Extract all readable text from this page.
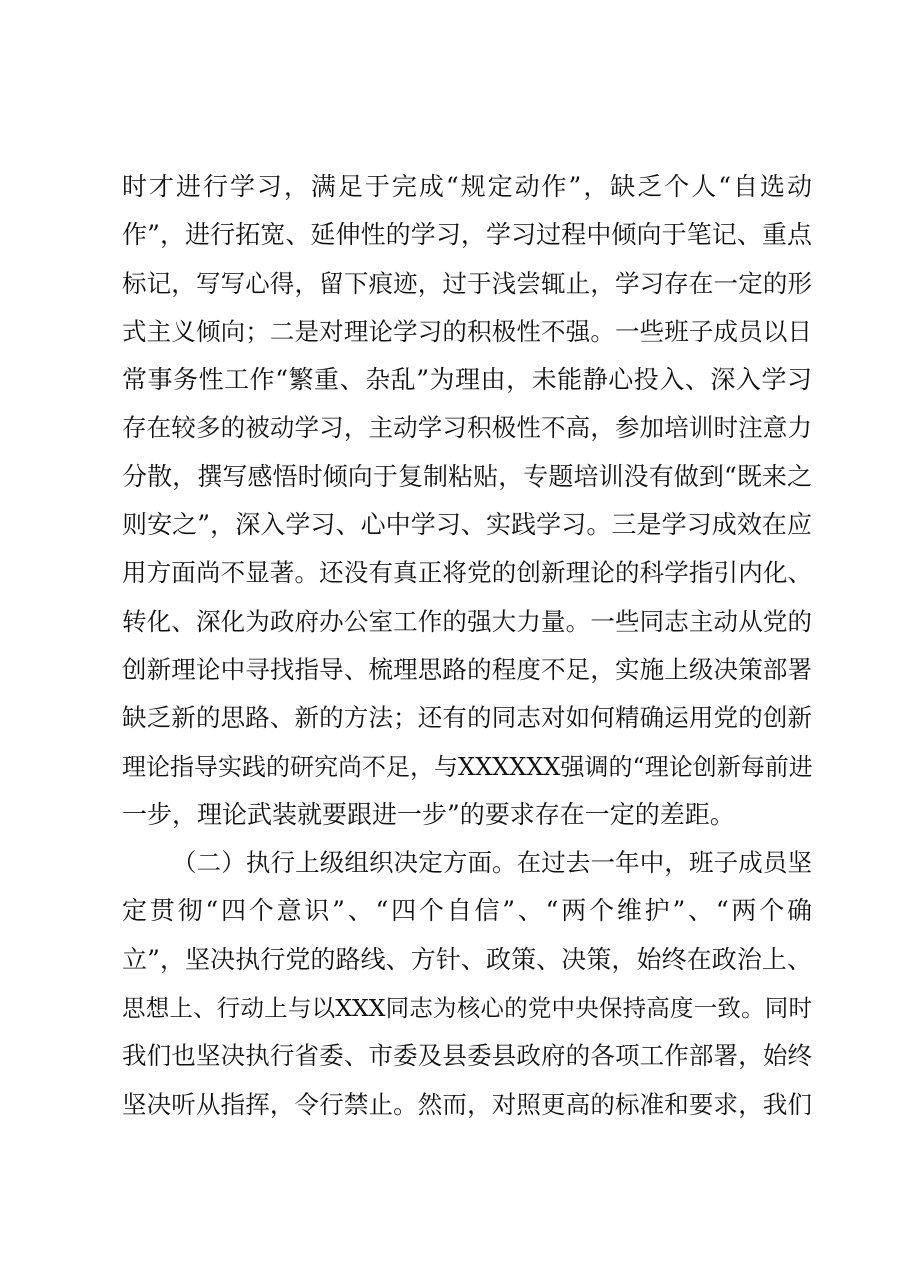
时才进行学习，满足于完成“规定动作”，缺乏个人“自选动
作”，进行拓宽、延伸性的学习，学习过程中倾向于笔记、重点
标记，写写心得，留下痕迹，过于浅尝辄止，学习存在一定的形
式主义倾向；二是对理论学习的积极性不强。一些班子成员以日
常事务性工作“繁重、杂乱”为理由，未能静心投入、深入学习
存在较多的被动学习，主动学习积极性不高，参加培训时注意力
分散，撰写感悟时倾向于复制粘贴，专题培训没有做到“既来之
则安之”，深入学习、心中学习、实践学习。三是学习成效在应
用方面尚不显著。还没有真正将党的创新理论的科学指引内化、
转化、深化为政府办公室工作的强大力量。一些同志主动从党的
创新理论中寻找指导、梳理思路的程度不足，实施上级决策部署
缺乏新的思路、新的方法；还有的同志对如何精确运用党的创新
理论指导实践的研究尚不足，与XXXXXX强调的“理论创新每前进
一步，理论武装就要跟进一步”的要求存在一定的差距。
（二）执行上级组织决定方面。在过去一年中，班子成员坚
定贯彻“四个意识”、“四个自信”、“两个维护”、“两个确
立”，坚决执行党的路线、方针、政策、决策，始终在政治上、
思想上、行动上与以XXX同志为核心的党中央保持高度一致。同时
我们也坚决执行省委、市委及县委县政府的各项工作部署，始终
坚决听从指挥，令行禁止。然而，对照更高的标准和要求，我们
